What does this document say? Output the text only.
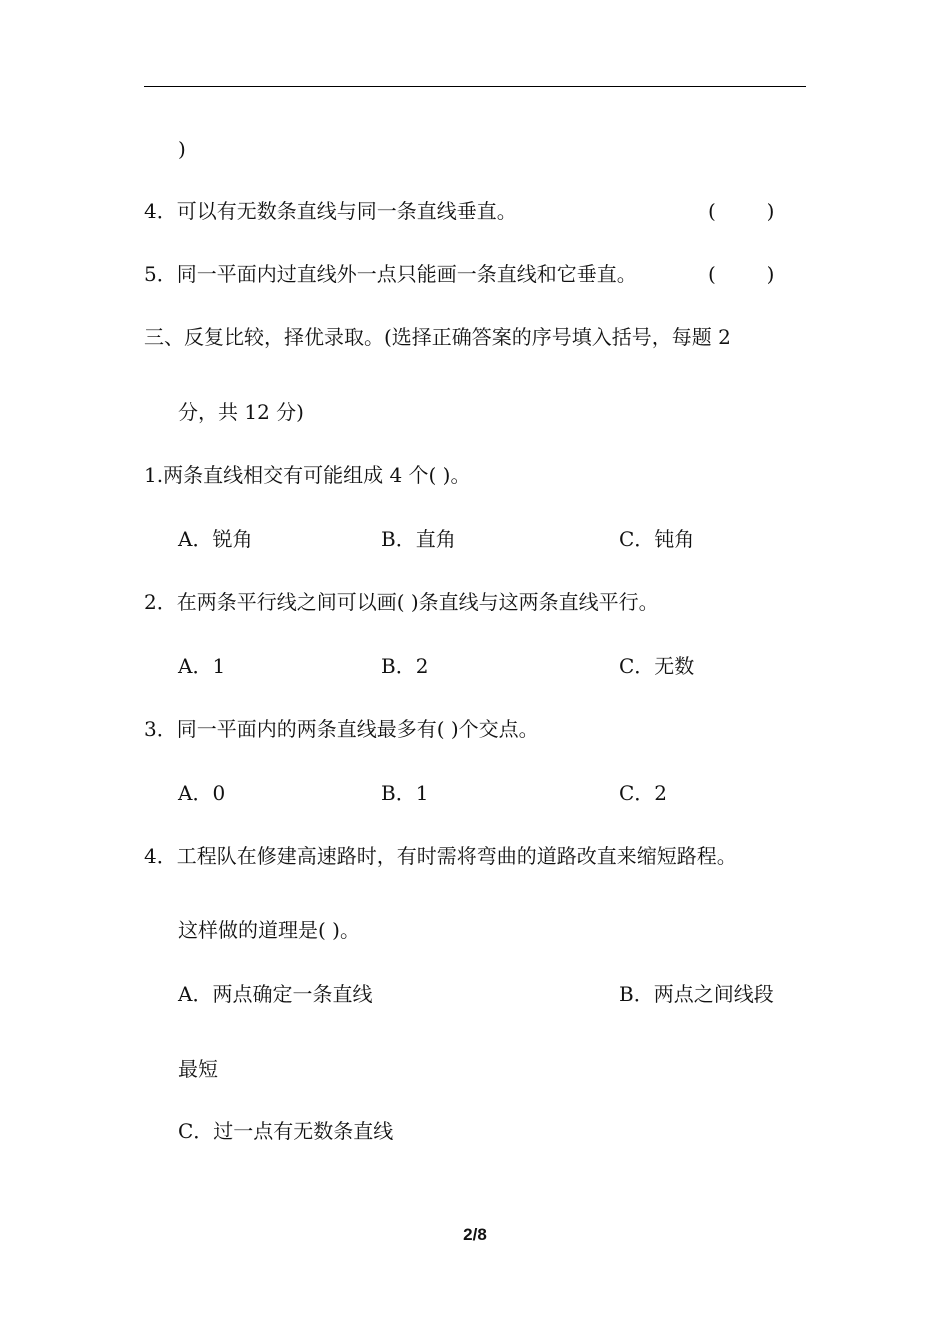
)
4．可以有无数条直线与同一条直线垂直。	(        )
5．同一平面内过直线外一点只能画一条直线和它垂直。	(        )
三、反复比较，择优录取。(选择正确答案的序号填入括号，每题 2
分，共 12 分)
1.两条直线相交有可能组成 4 个( )。
A．锐角	B．直角	C．钝角
2．在两条平行线之间可以画( )条直线与这两条直线平行。
A．1	B．2	C．无数
3．同一平面内的两条直线最多有( )个交点。
A．0	B．1	C．2
4．工程队在修建高速路时，有时需将弯曲的道路改直来缩短路程。
这样做的道理是( )。
A．两点确定一条直线	B．两点之间线段
最短
C．过一点有无数条直线
2/8
